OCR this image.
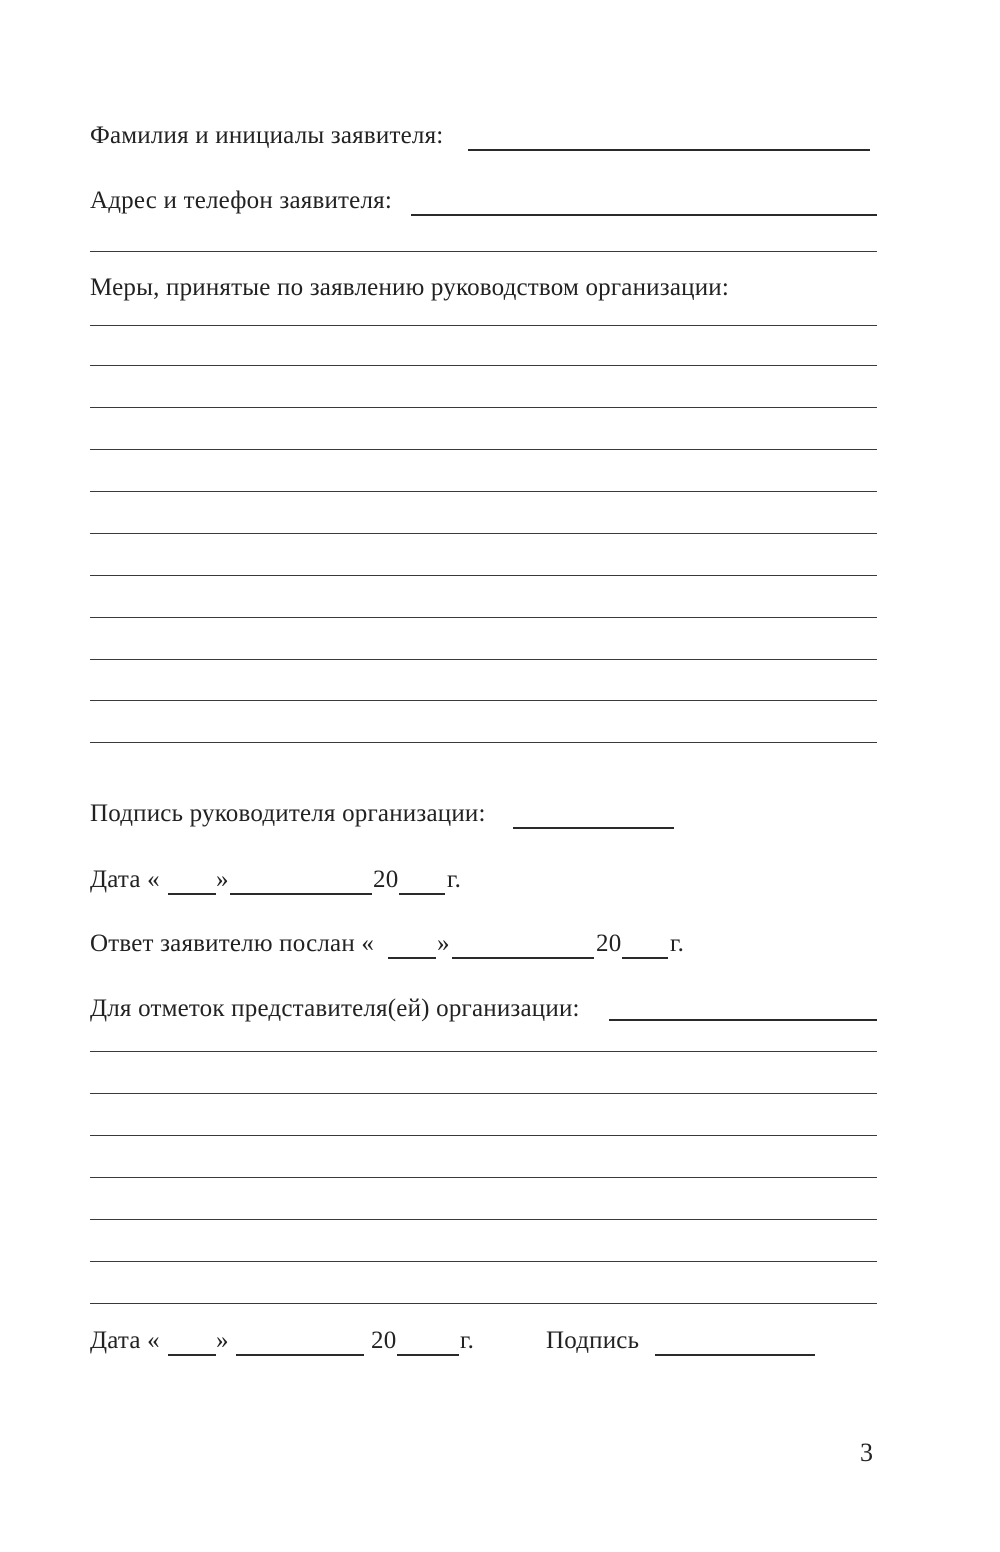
Фамилия и инициалы заявителя:
Адрес и телефон заявителя:
Меры, принятые по заявлению руководством организации:
Подпись руководителя организации:
Дата « »	20 г.
Ответ заявителю послан «	»	20 г.
Для отметок представителя(ей) организации:
Дата « »	20	г.	Подпись
3
